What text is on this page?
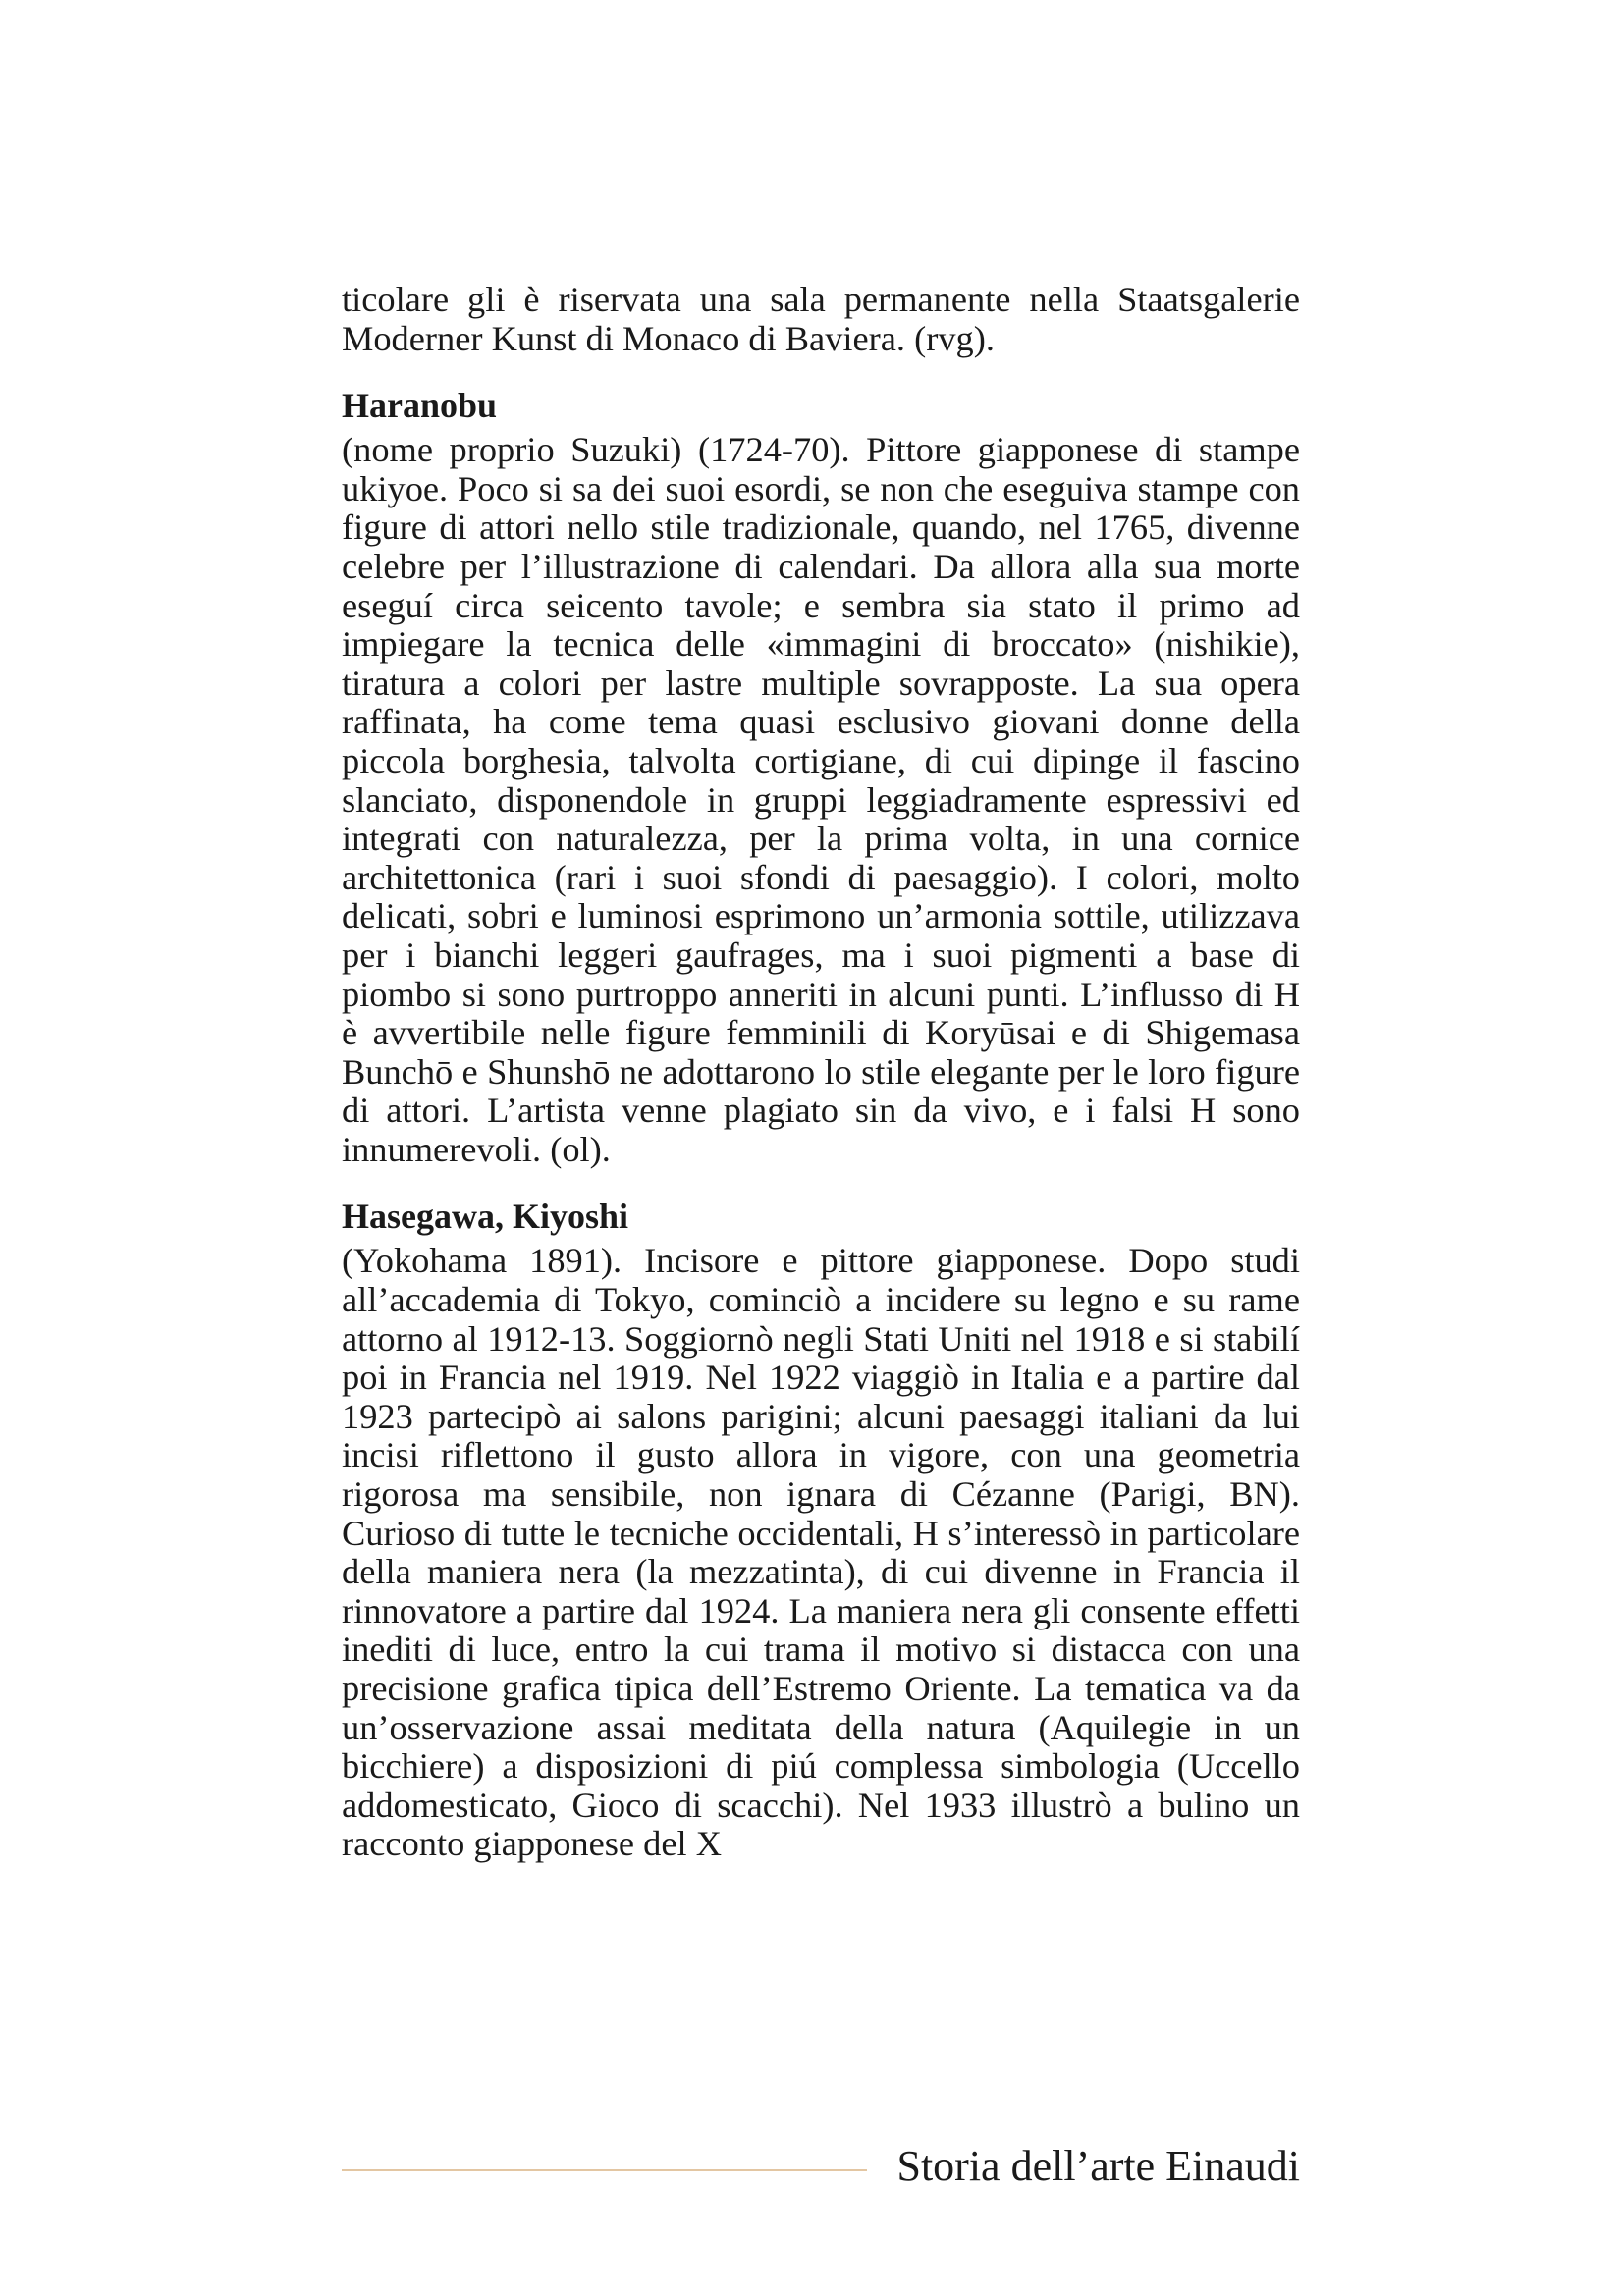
ticolare gli è riservata una sala permanente nella Staatsgalerie Moderner Kunst di Monaco di Baviera. (rvg).

Haranobu

(nome proprio Suzuki) (1724-70). Pittore giapponese di stampe ukiyoe. Poco si sa dei suoi esordi, se non che eseguiva stampe con figure di attori nello stile tradizionale, quando, nel 1765, divenne celebre per l’illustrazione di calendari. Da allora alla sua morte eseguí circa seicento tavole; e sembra sia stato il primo ad impiegare la tecnica delle «immagini di broccato» (nishikie), tiratura a colori per lastre multiple sovrapposte. La sua opera raffinata, ha come tema quasi esclusivo giovani donne della piccola borghesia, talvolta cortigiane, di cui dipinge il fascino slanciato, disponendole in gruppi leggiadramente espressivi ed integrati con naturalezza, per la prima volta, in una cornice architettonica (rari i suoi sfondi di paesaggio). I colori, molto delicati, sobri e luminosi esprimono un’armonia sottile, utilizzava per i bianchi leggeri gaufrages, ma i suoi pigmenti a base di piombo si sono purtroppo anneriti in alcuni punti. L’influsso di H è avvertibile nelle figure femminili di Koryūsai e di Shigemasa Bunchō e Shunshō ne adottarono lo stile elegante per le loro figure di attori. L’artista venne plagiato sin da vivo, e i falsi H sono innumerevoli. (ol).

Hasegawa, Kiyoshi

(Yokohama 1891). Incisore e pittore giapponese. Dopo studi all’accademia di Tokyo, cominciò a incidere su legno e su rame attorno al 1912-13. Soggiornò negli Stati Uniti nel 1918 e si stabilí poi in Francia nel 1919. Nel 1922 viaggiò in Italia e a partire dal 1923 partecipò ai salons parigini; alcuni paesaggi italiani da lui incisi riflettono il gusto allora in vigore, con una geometria rigorosa ma sensibile, non ignara di Cézanne (Parigi, BN). Curioso di tutte le tecniche occidentali, H s’interessò in particolare della maniera nera (la mezzatinta), di cui divenne in Francia il rinnovatore a partire dal 1924. La maniera nera gli consente effetti inediti di luce, entro la cui trama il motivo si distacca con una precisione grafica tipica dell’Estremo Oriente. La tematica va da un’osservazione assai meditata della natura (Aquilegie in un bicchiere) a disposizioni di piú complessa simbologia (Uccello addomesticato, Gioco di scacchi). Nel 1933 illustrò a bulino un racconto giapponese del X

Storia dell’arte Einaudi
